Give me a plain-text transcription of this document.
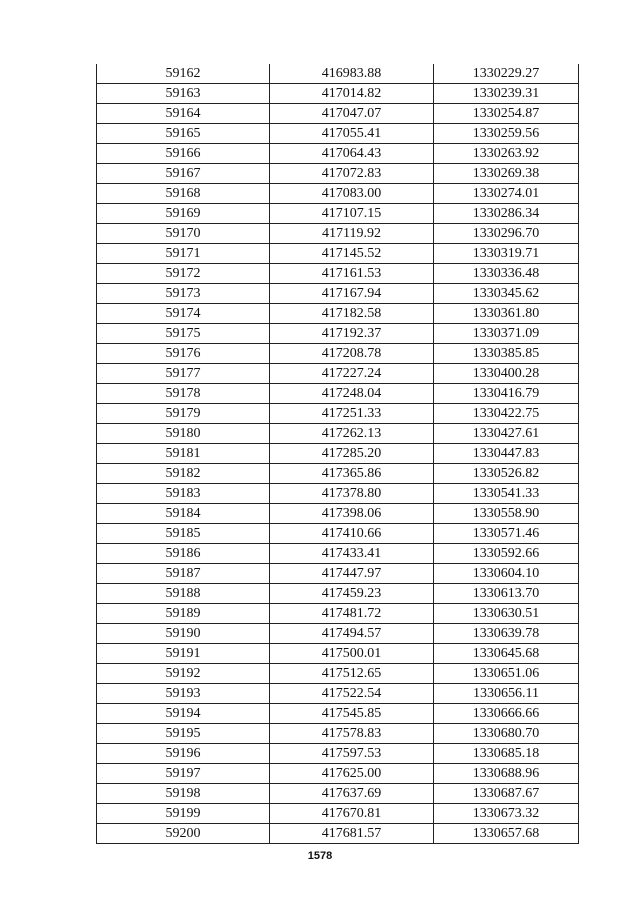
59162	416983.88	1330229.27
59163	417014.82	1330239.31
59164	417047.07	1330254.87
59165	417055.41	1330259.56
59166	417064.43	1330263.92
59167	417072.83	1330269.38
59168	417083.00	1330274.01
59169	417107.15	1330286.34
59170	417119.92	1330296.70
59171	417145.52	1330319.71
59172	417161.53	1330336.48
59173	417167.94	1330345.62
59174	417182.58	1330361.80
59175	417192.37	1330371.09
59176	417208.78	1330385.85
59177	417227.24	1330400.28
59178	417248.04	1330416.79
59179	417251.33	1330422.75
59180	417262.13	1330427.61
59181	417285.20	1330447.83
59182	417365.86	1330526.82
59183	417378.80	1330541.33
59184	417398.06	1330558.90
59185	417410.66	1330571.46
59186	417433.41	1330592.66
59187	417447.97	1330604.10
59188	417459.23	1330613.70
59189	417481.72	1330630.51
59190	417494.57	1330639.78
59191	417500.01	1330645.68
59192	417512.65	1330651.06
59193	417522.54	1330656.11
59194	417545.85	1330666.66
59195	417578.83	1330680.70
59196	417597.53	1330685.18
59197	417625.00	1330688.96
59198	417637.69	1330687.67
59199	417670.81	1330673.32
59200	417681.57	1330657.68
1578
